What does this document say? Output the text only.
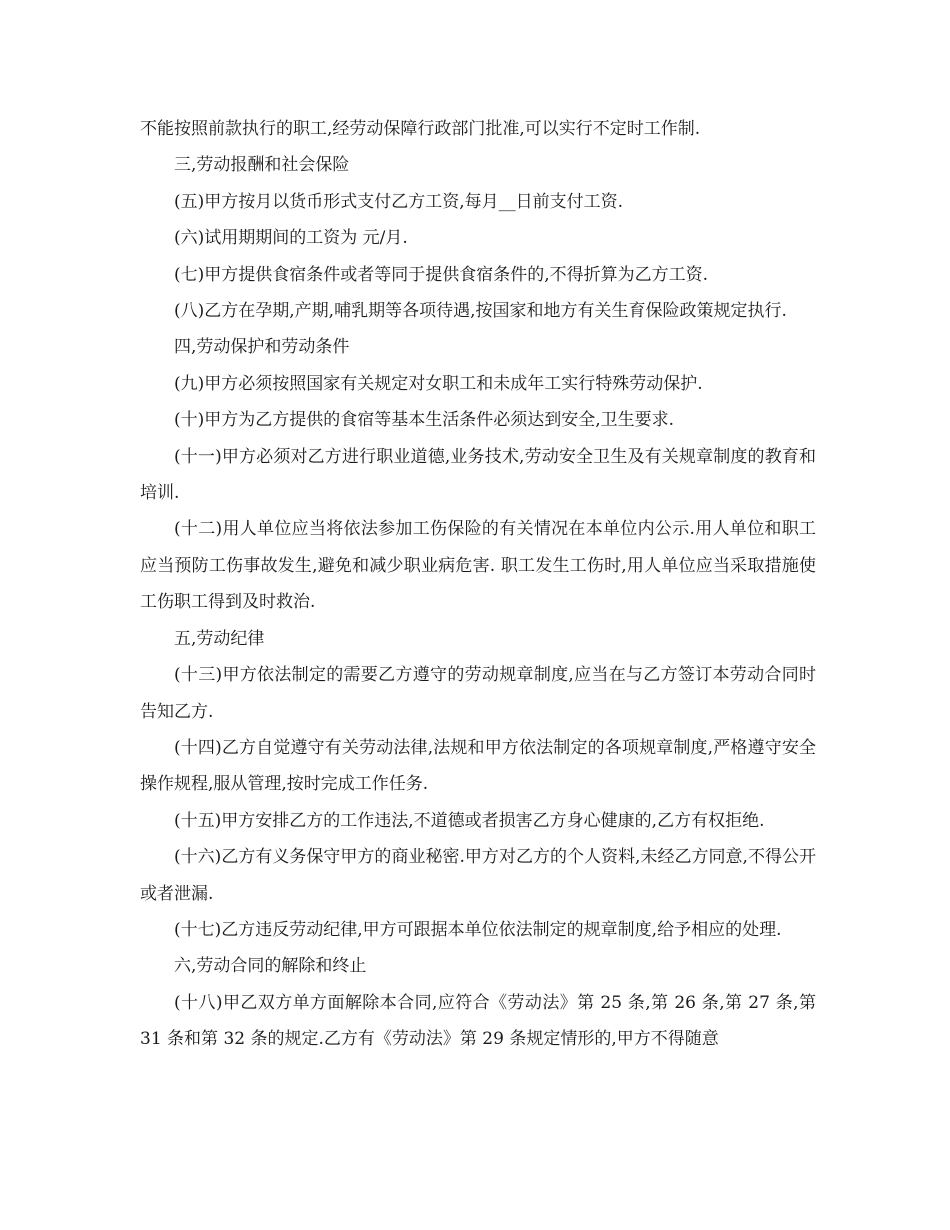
不能按照前款执行的职工,经劳动保障行政部门批准,可以实行不定时工作制.

三,劳动报酬和社会保险

(五)甲方按月以货币形式支付乙方工资,每月__日前支付工资.

(六)试用期期间的工资为 元/月.

(七)甲方提供食宿条件或者等同于提供食宿条件的,不得折算为乙方工资.

(八)乙方在孕期,产期,哺乳期等各项待遇,按国家和地方有关生育保险政策规定执行.

四,劳动保护和劳动条件

(九)甲方必须按照国家有关规定对女职工和未成年工实行特殊劳动保护.

(十)甲方为乙方提供的食宿等基本生活条件必须达到安全,卫生要求.

(十一)甲方必须对乙方进行职业道德,业务技术,劳动安全卫生及有关规章制度的教育和培训.

(十二)用人单位应当将依法参加工伤保险的有关情况在本单位内公示.用人单位和职工应当预防工伤事故发生,避免和减少职业病危害. 职工发生工伤时,用人单位应当采取措施使工伤职工得到及时救治.

五,劳动纪律

(十三)甲方依法制定的需要乙方遵守的劳动规章制度,应当在与乙方签订本劳动合同时告知乙方.

(十四)乙方自觉遵守有关劳动法律,法规和甲方依法制定的各项规章制度,严格遵守安全操作规程,服从管理,按时完成工作任务.

(十五)甲方安排乙方的工作违法,不道德或者损害乙方身心健康的,乙方有权拒绝.

(十六)乙方有义务保守甲方的商业秘密.甲方对乙方的个人资料,未经乙方同意,不得公开或者泄漏.

(十七)乙方违反劳动纪律,甲方可跟据本单位依法制定的规章制度,给予相应的处理.

六,劳动合同的解除和终止

(十八)甲乙双方单方面解除本合同,应符合《劳动法》第 25 条,第 26 条,第 27 条,第 31 条和第 32 条的规定.乙方有《劳动法》第 29 条规定情形的,甲方不得随意
